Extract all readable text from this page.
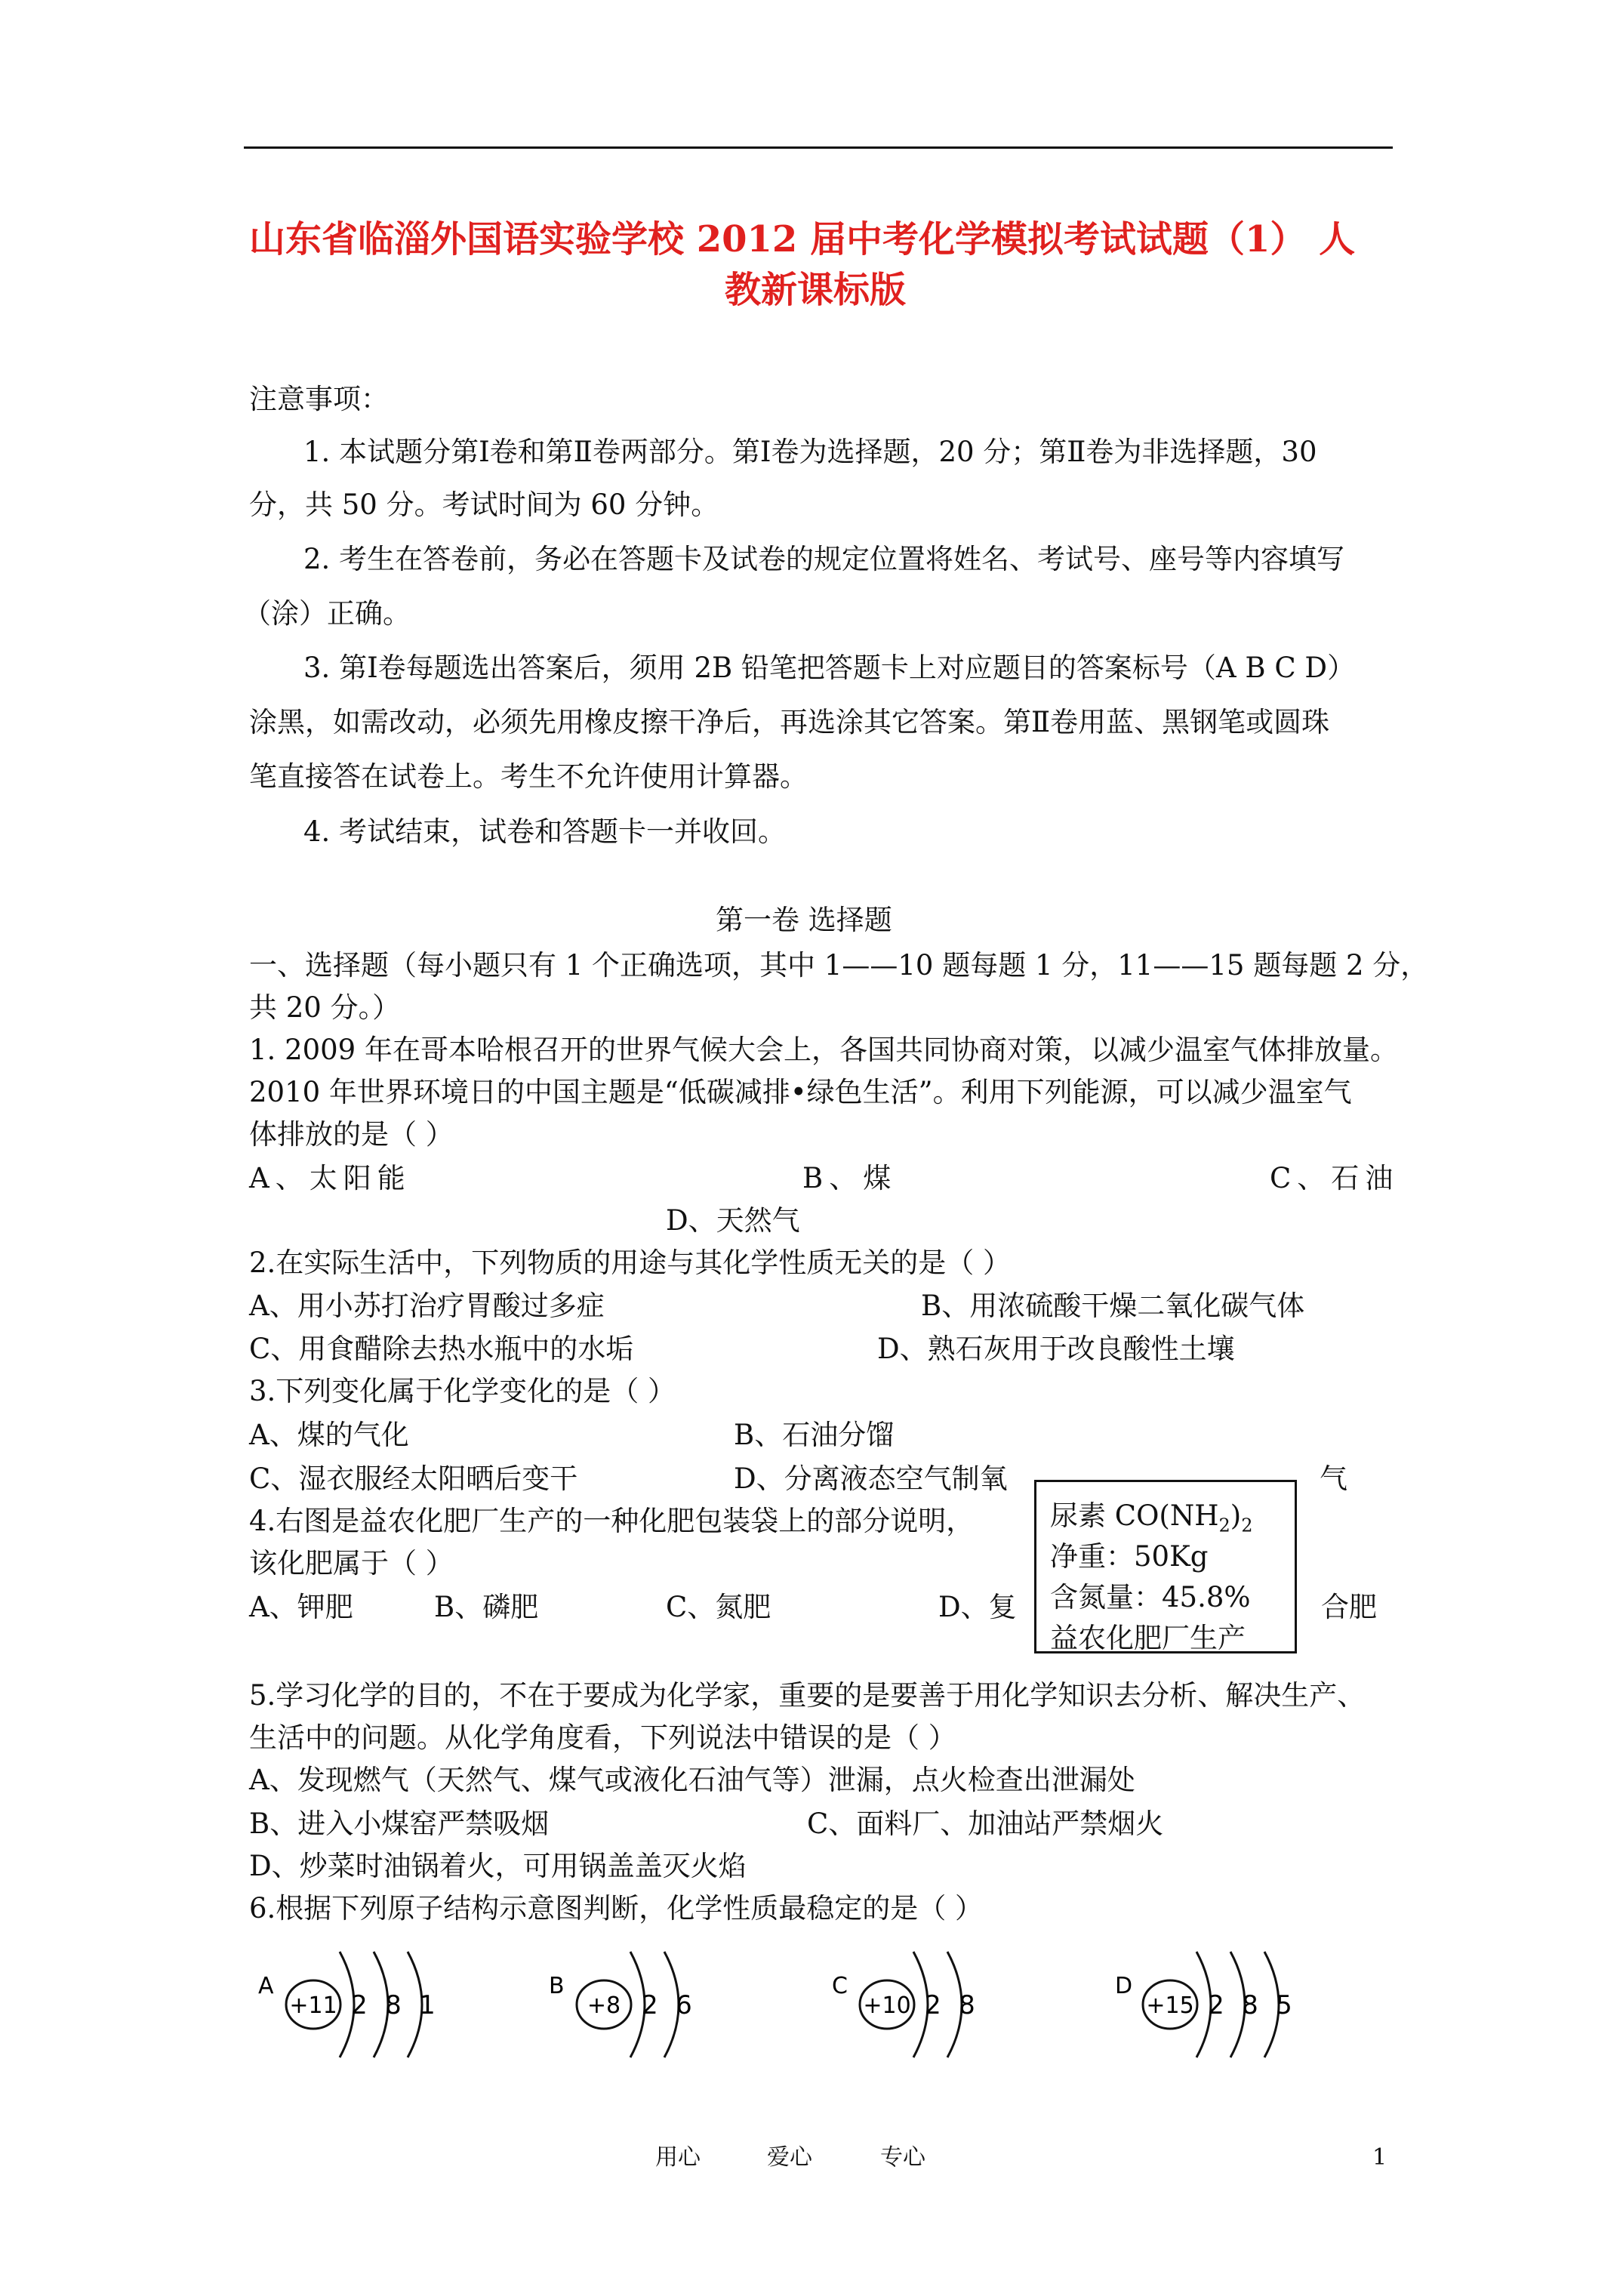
山东省临淄外国语实验学校 2012 届中考化学模拟考试试题（1） 人
教新课标版
注意事项：
1. 本试题分第Ⅰ卷和第Ⅱ卷两部分。第Ⅰ卷为选择题，20 分；第Ⅱ卷为非选择题，30
分，共 50 分。考试时间为 60 分钟。
2. 考生在答卷前，务必在答题卡及试卷的规定位置将姓名、考试号、座号等内容填写
（涂）正确。
3. 第Ⅰ卷每题选出答案后，须用 2B 铅笔把答题卡上对应题目的答案标号（A B C D）
涂黑，如需改动，必须先用橡皮擦干净后，再选涂其它答案。第Ⅱ卷用蓝、黑钢笔或圆珠
笔直接答在试卷上。考生不允许使用计算器。
4. 考试结束，试卷和答题卡一并收回。
第一卷 选择题
一、选择题（每小题只有 1 个正确选项，其中 1——10 题每题 1 分，11——15 题每题 2 分，
共 20 分。）
1. 2009 年在哥本哈根召开的世界气候大会上，各国共同协商对策，以减少温室气体排放量。
2010 年世界环境日的中国主题是“低碳减排•绿色生活”。利用下列能源，可以减少温室气
体排放的是（ ）
A、太阳能	B、煤	C、石油
D、天然气
2.在实际生活中，下列物质的用途与其化学性质无关的是（ ）
A、用小苏打治疗胃酸过多症	B、用浓硫酸干燥二氧化碳气体
C、用食醋除去热水瓶中的水垢	D、熟石灰用于改良酸性土壤
3.下列变化属于化学变化的是（ ）
A、煤的气化	B、石油分馏
C、湿衣服经太阳晒后变干	D、分离液态空气制氧	气
4.右图是益农化肥厂生产的一种化肥包装袋上的部分说明，
该化肥属于（ ）
A、钾肥	B、磷肥	C、氮肥	D、复	合肥
尿素 $CO(NH_2)_2$
净重：50Kg
含氮量：45.8%
益农化肥厂生产
5.学习化学的目的，不在于要成为化学家，重要的是要善于用化学知识去分析、解决生产、
生活中的问题。从化学角度看，下列说法中错误的是（ ）
A、发现燃气（天然气、煤气或液化石油气等）泄漏，点火检查出泄漏处
B、进入小煤窑严禁吸烟	C、面料厂、加油站严禁烟火
D、炒菜时油锅着火，可用锅盖盖灭火焰
6.根据下列原子结构示意图判断，化学性质最稳定的是（ ）
A
+11 2 8 1
B
+8 2 6
C
+10 2 8
D
+15 2 8 5
用心	爱心	专心	1
